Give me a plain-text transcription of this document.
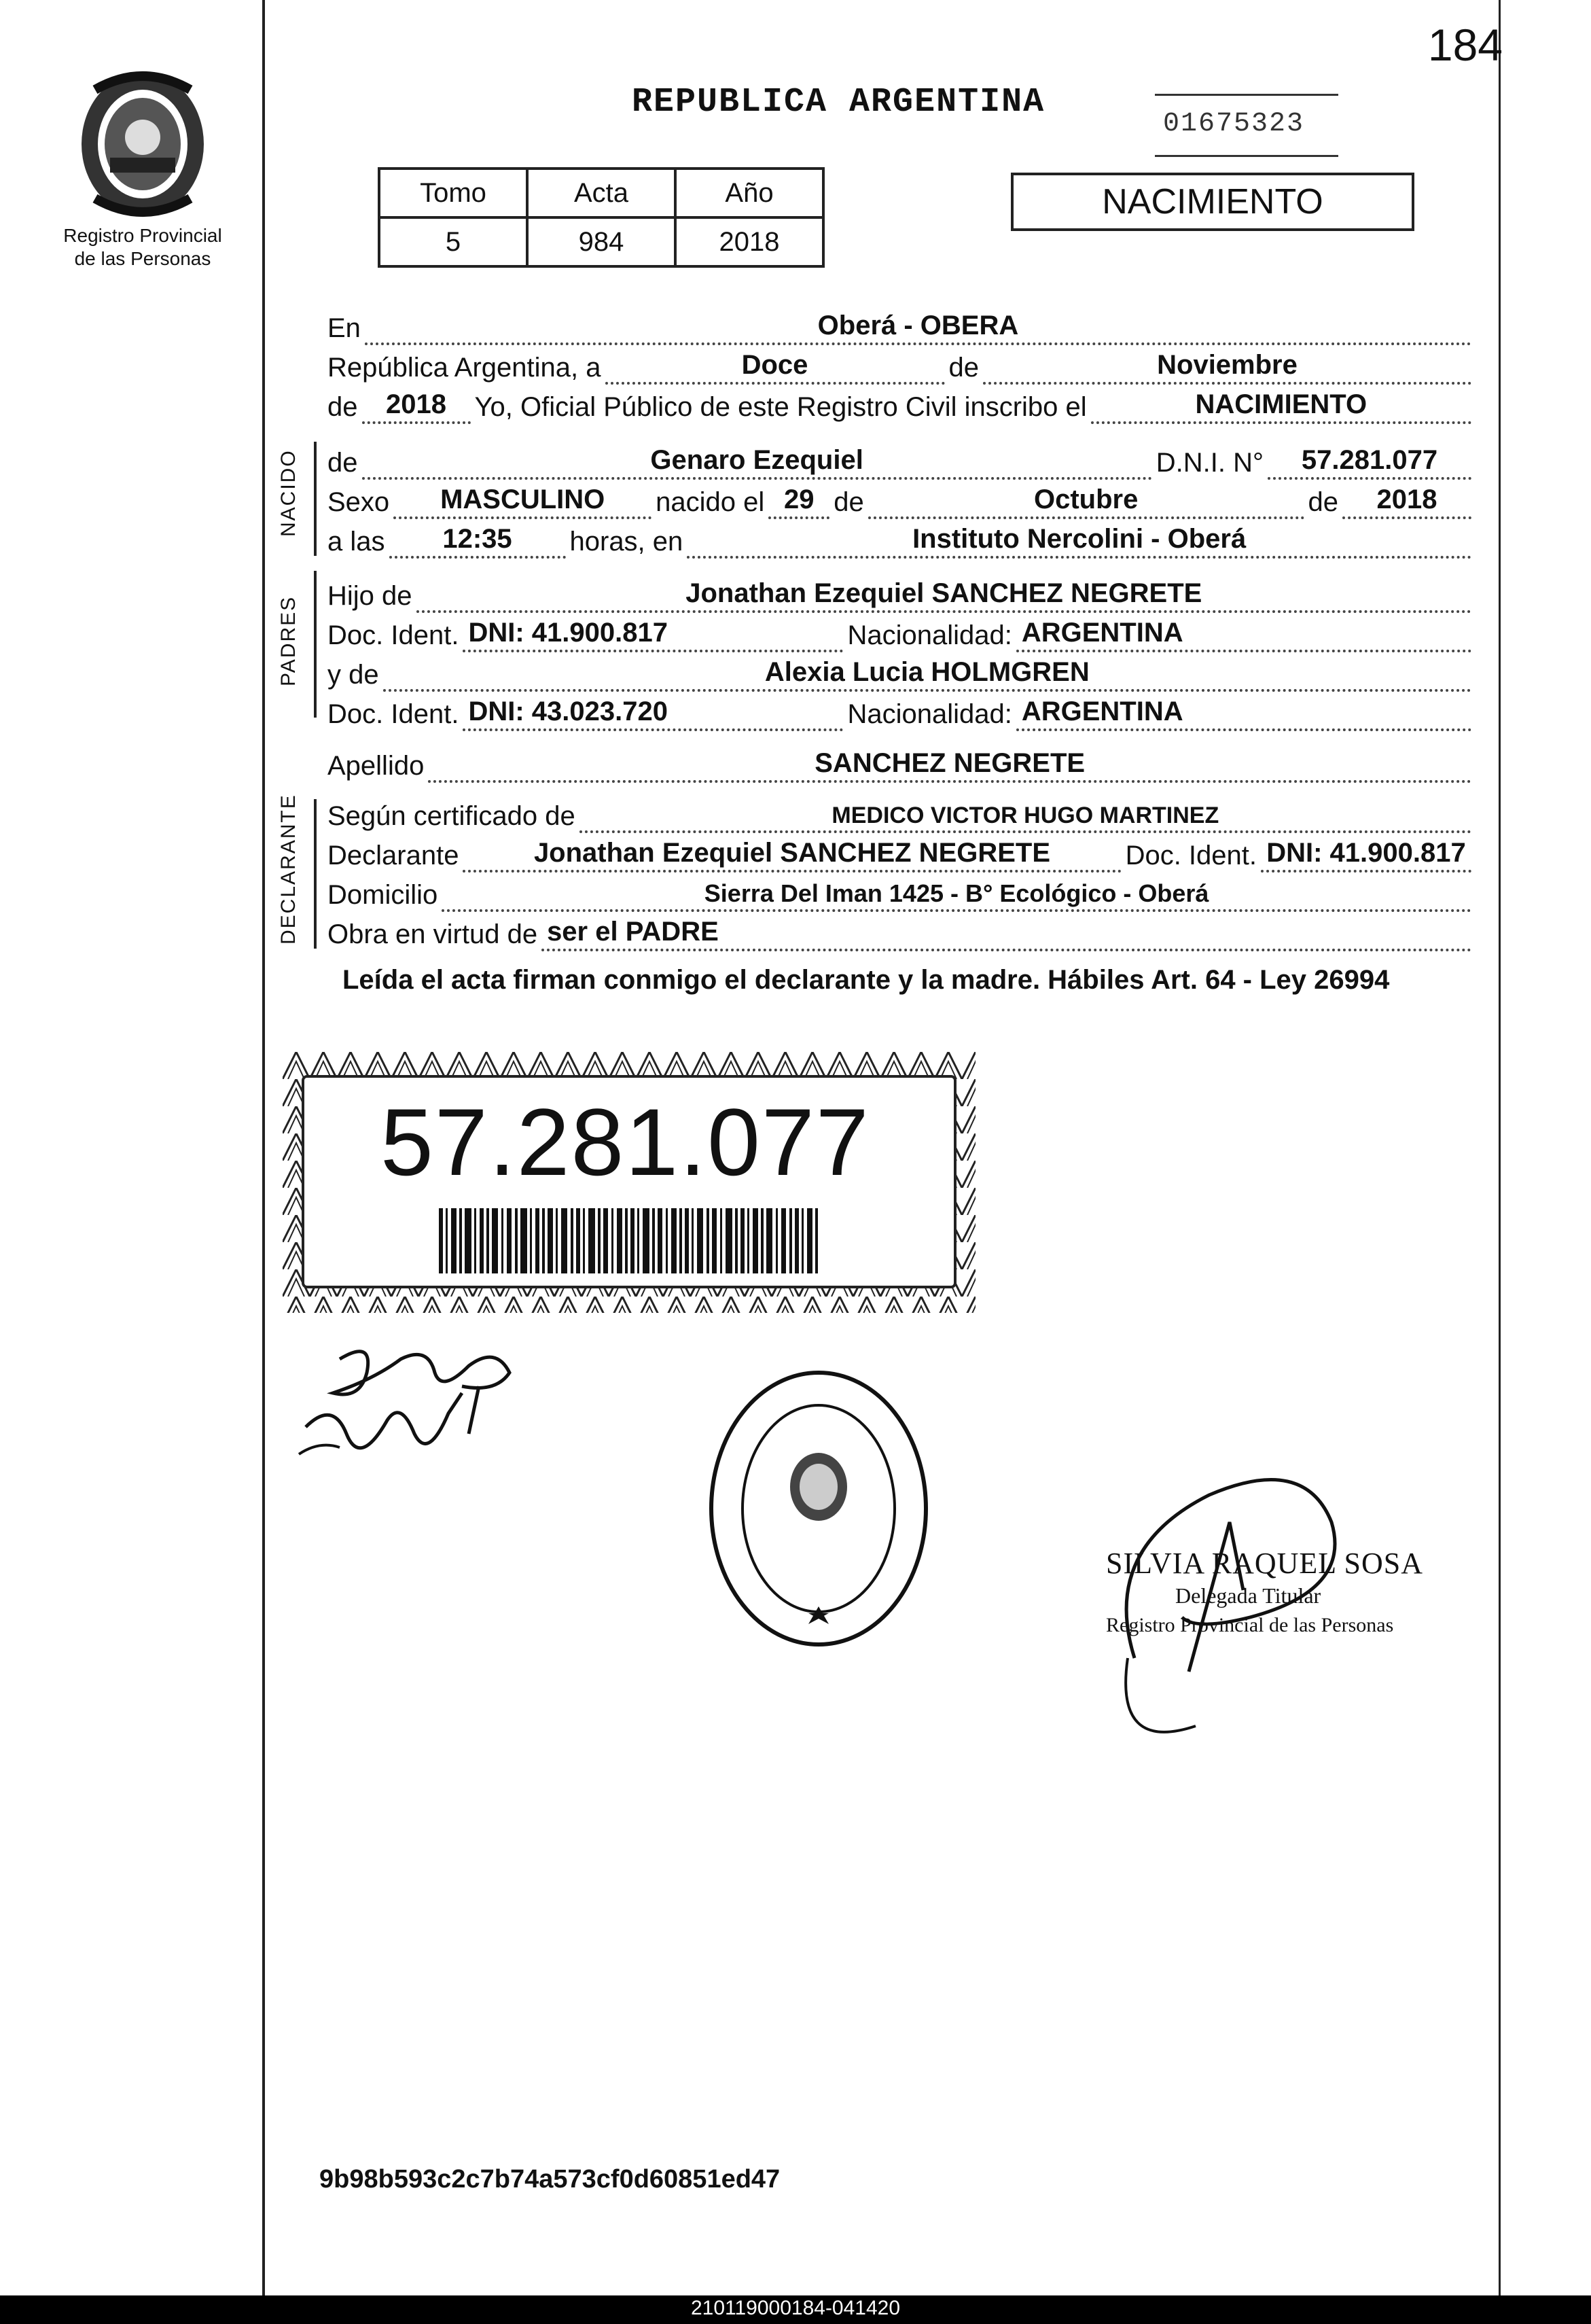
184
Registro Provincial
de las Personas
REPUBLICA ARGENTINA
01675323
Tomo	Acta	Año
5	984	2018
NACIMIENTO
En	Oberá - OBERA
República Argentina, a	Doce	de	Noviembre
de	2018	Yo, Oficial Público de este Registro Civil inscribo el	NACIMIENTO
NACIDO de	Genaro Ezequiel	D.N.I. N°	57.281.077
Sexo	MASCULINO	nacido el 29 de	Octubre	de	2018
a las	12:35	horas, en	Instituto Nercolini - Oberá
PADRES Hijo de	Jonathan Ezequiel SANCHEZ NEGRETE
Doc. Ident. DNI: 41.900.817	Nacionalidad: ARGENTINA
y de	Alexia Lucia HOLMGREN
Doc. Ident. DNI: 43.023.720	Nacionalidad: ARGENTINA
Apellido	SANCHEZ NEGRETE
DECLARANTE Según certificado de	MEDICO VICTOR HUGO MARTINEZ
Declarante	Jonathan Ezequiel SANCHEZ NEGRETE	Doc. Ident. DNI: 41.900.817
Domicilio	Sierra Del Iman 1425 - B° Ecológico - Oberá
Obra en virtud de ser el PADRE
Leída el acta firman conmigo el declarante y la madre. Hábiles Art. 64 - Ley 26994
57.281.077
SILVIA RAQUEL SOSA
Delegada Titular
Registro Provincial de las Personas
9b98b593c2c7b74a573cf0d60851ed47
210119000184-041420
